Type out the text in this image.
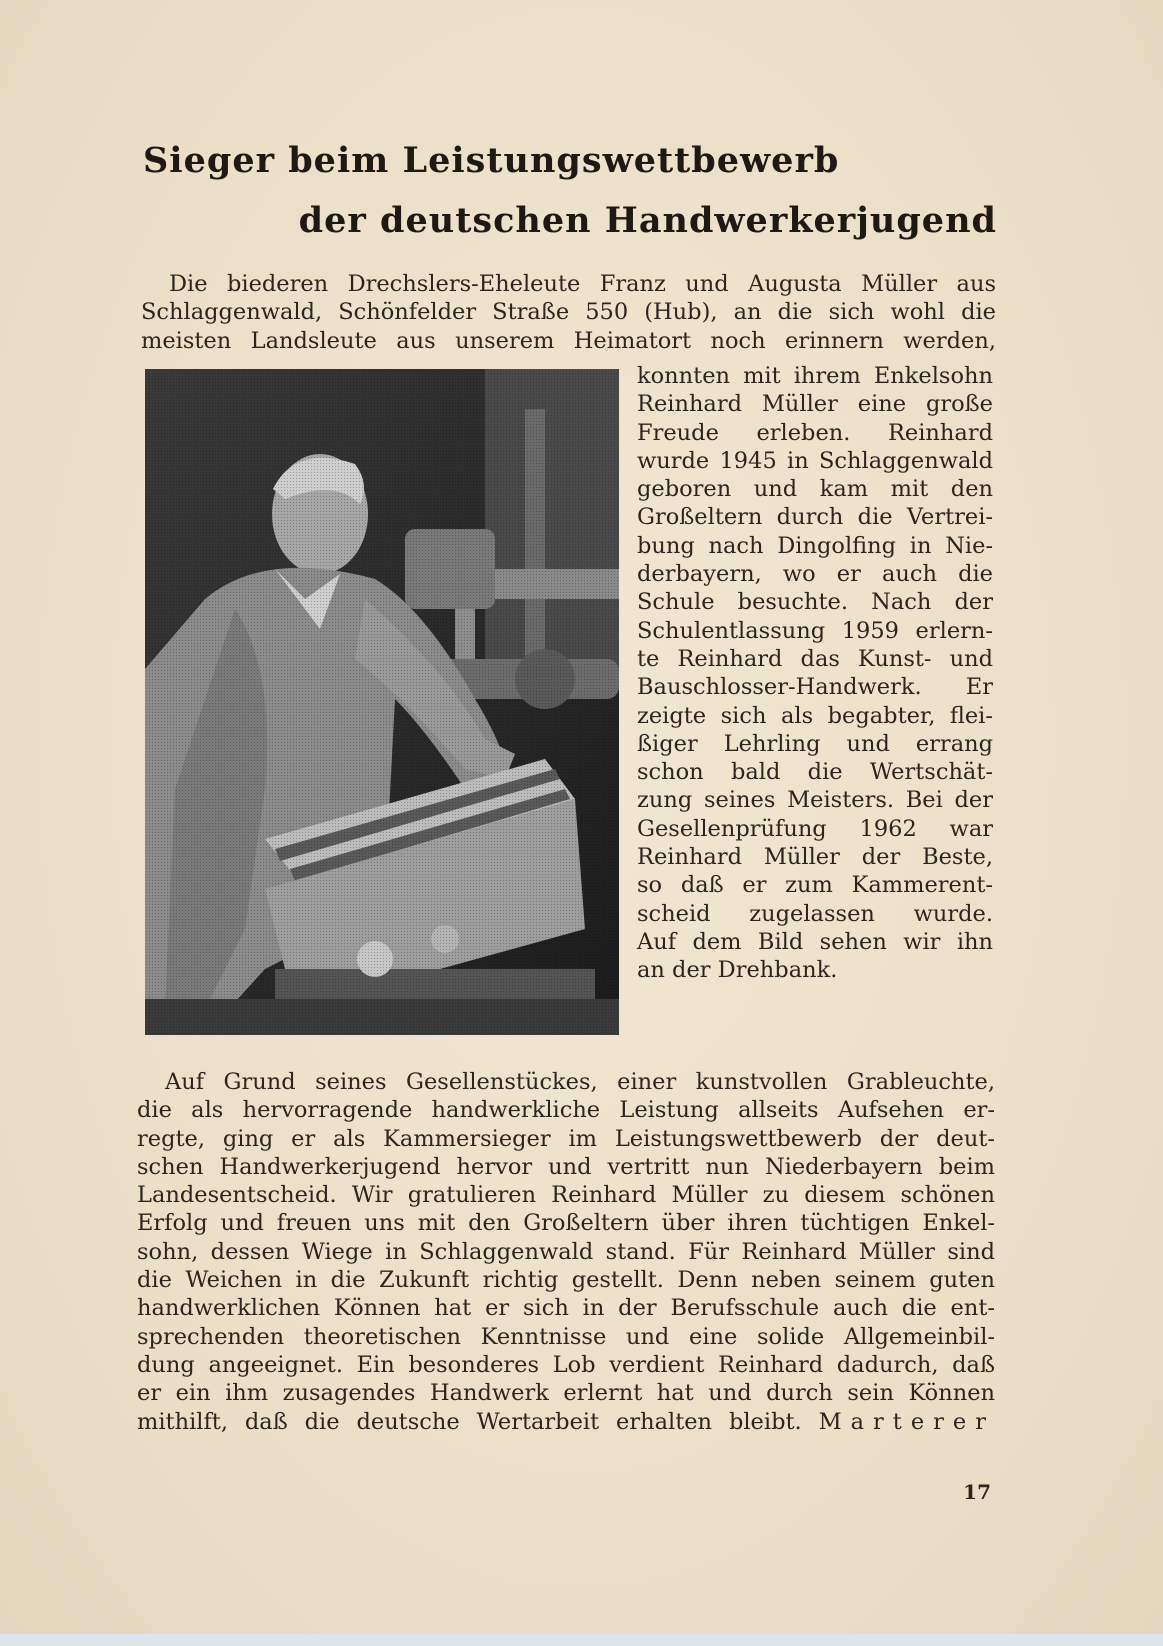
Sieger beim Leistungswettbewerb
der deutschen Handwerkerjugend
Die biederen Drechslers-Eheleute Franz und Augusta Müller aus
Schlaggenwald, Schönfelder Straße 550 (Hub), an die sich wohl die
meisten Landsleute aus unserem Heimatort noch erinnern werden,
konnten mit ihrem Enkelsohn
Reinhard Müller eine große
Freude erleben. Reinhard
wurde 1945 in Schlaggenwald
geboren und kam mit den
Großeltern durch die Vertrei-
bung nach Dingolfing in Nie-
derbayern, wo er auch die
Schule besuchte. Nach der
Schulentlassung 1959 erlern-
te Reinhard das Kunst- und
Bauschlosser-Handwerk. Er
zeigte sich als begabter, flei-
ßiger Lehrling und errang
schon bald die Wertschät-
zung seines Meisters. Bei der
Gesellenprüfung 1962 war
Reinhard Müller der Beste,
so daß er zum Kammerent-
scheid zugelassen wurde.
Auf dem Bild sehen wir ihn
an der Drehbank.
Auf Grund seines Gesellenstückes, einer kunstvollen Grableuchte,
die als hervorragende handwerkliche Leistung allseits Aufsehen er-
regte, ging er als Kammersieger im Leistungswettbewerb der deut-
schen Handwerkerjugend hervor und vertritt nun Niederbayern beim
Landesentscheid. Wir gratulieren Reinhard Müller zu diesem schönen
Erfolg und freuen uns mit den Großeltern über ihren tüchtigen Enkel-
sohn, dessen Wiege in Schlaggenwald stand. Für Reinhard Müller sind
die Weichen in die Zukunft richtig gestellt. Denn neben seinem guten
handwerklichen Können hat er sich in der Berufsschule auch die ent-
sprechenden theoretischen Kenntnisse und eine solide Allgemeinbil-
dung angeeignet. Ein besonderes Lob verdient Reinhard dadurch, daß
er ein ihm zusagendes Handwerk erlernt hat und durch sein Können
mithilft, daß die deutsche Wertarbeit erhalten bleibt. Marterer
17
